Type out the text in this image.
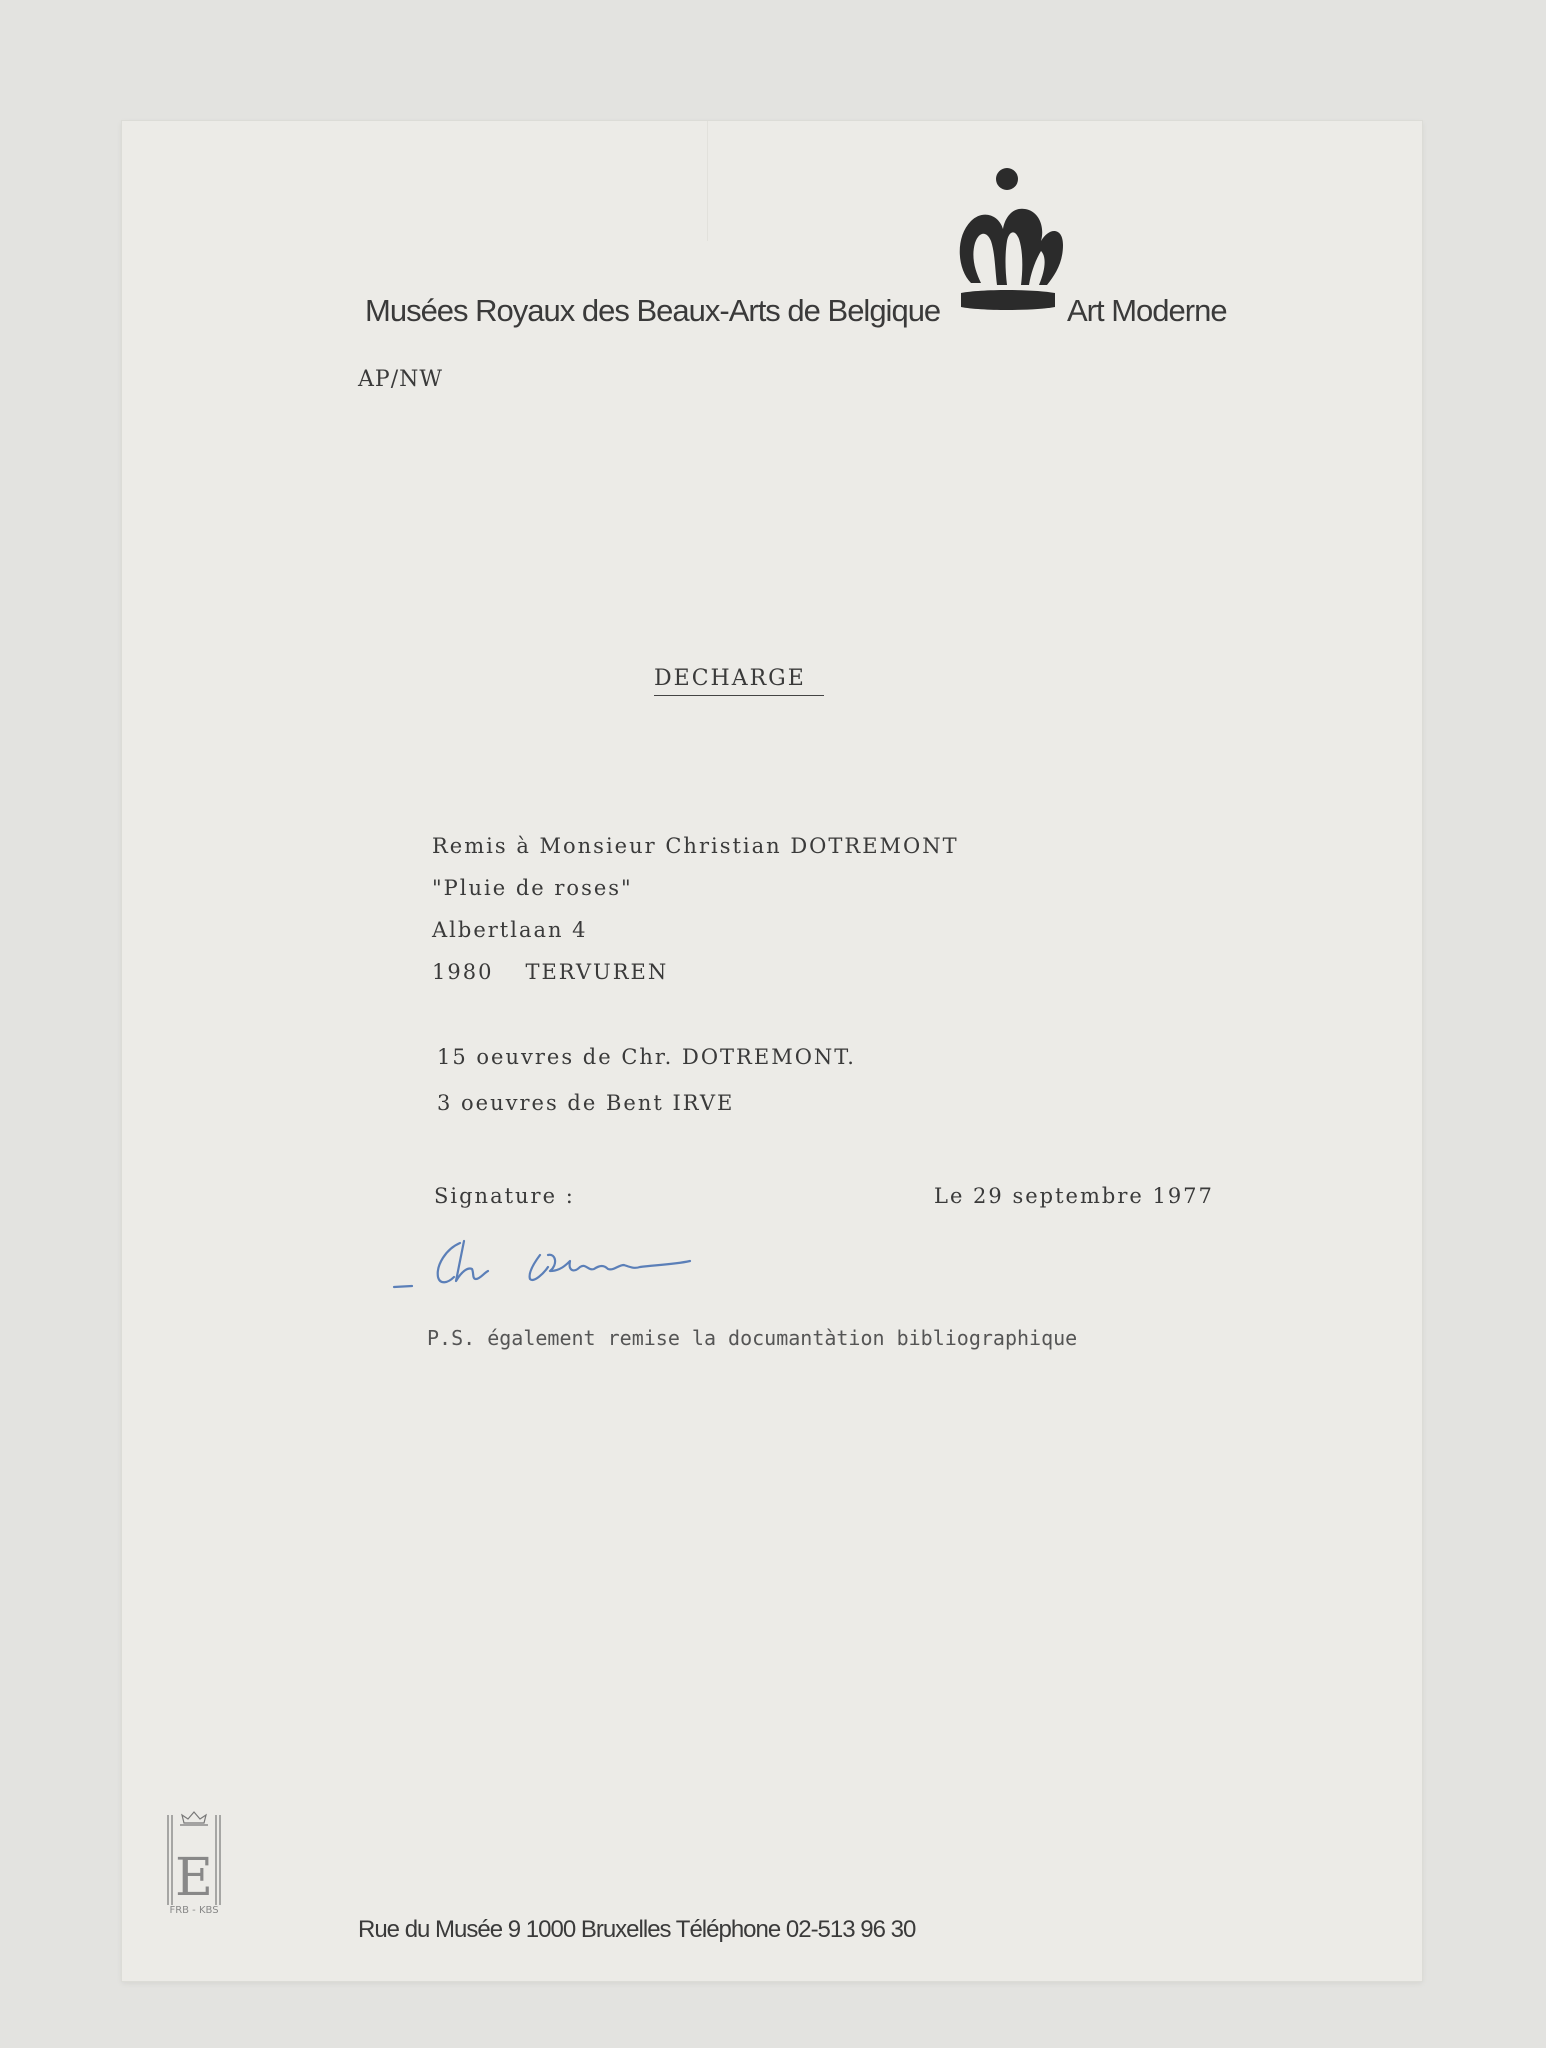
Musées Royaux des Beaux-Arts de Belgique	Art Moderne
AP/NW
DECHARGE
Remis à Monsieur Christian DOTREMONT
"Pluie de roses"
Albertlaan 4
1980 TERVUREN
15 oeuvres de Chr. DOTREMONT.
3 oeuvres de Bent IRVE
Signature :	Le 29 septembre 1977
P.S. également remise la documantàtion bibliographique
E
FRB - KBS
Rue du Musée 9 1000 Bruxelles Téléphone 02-513 96 30
